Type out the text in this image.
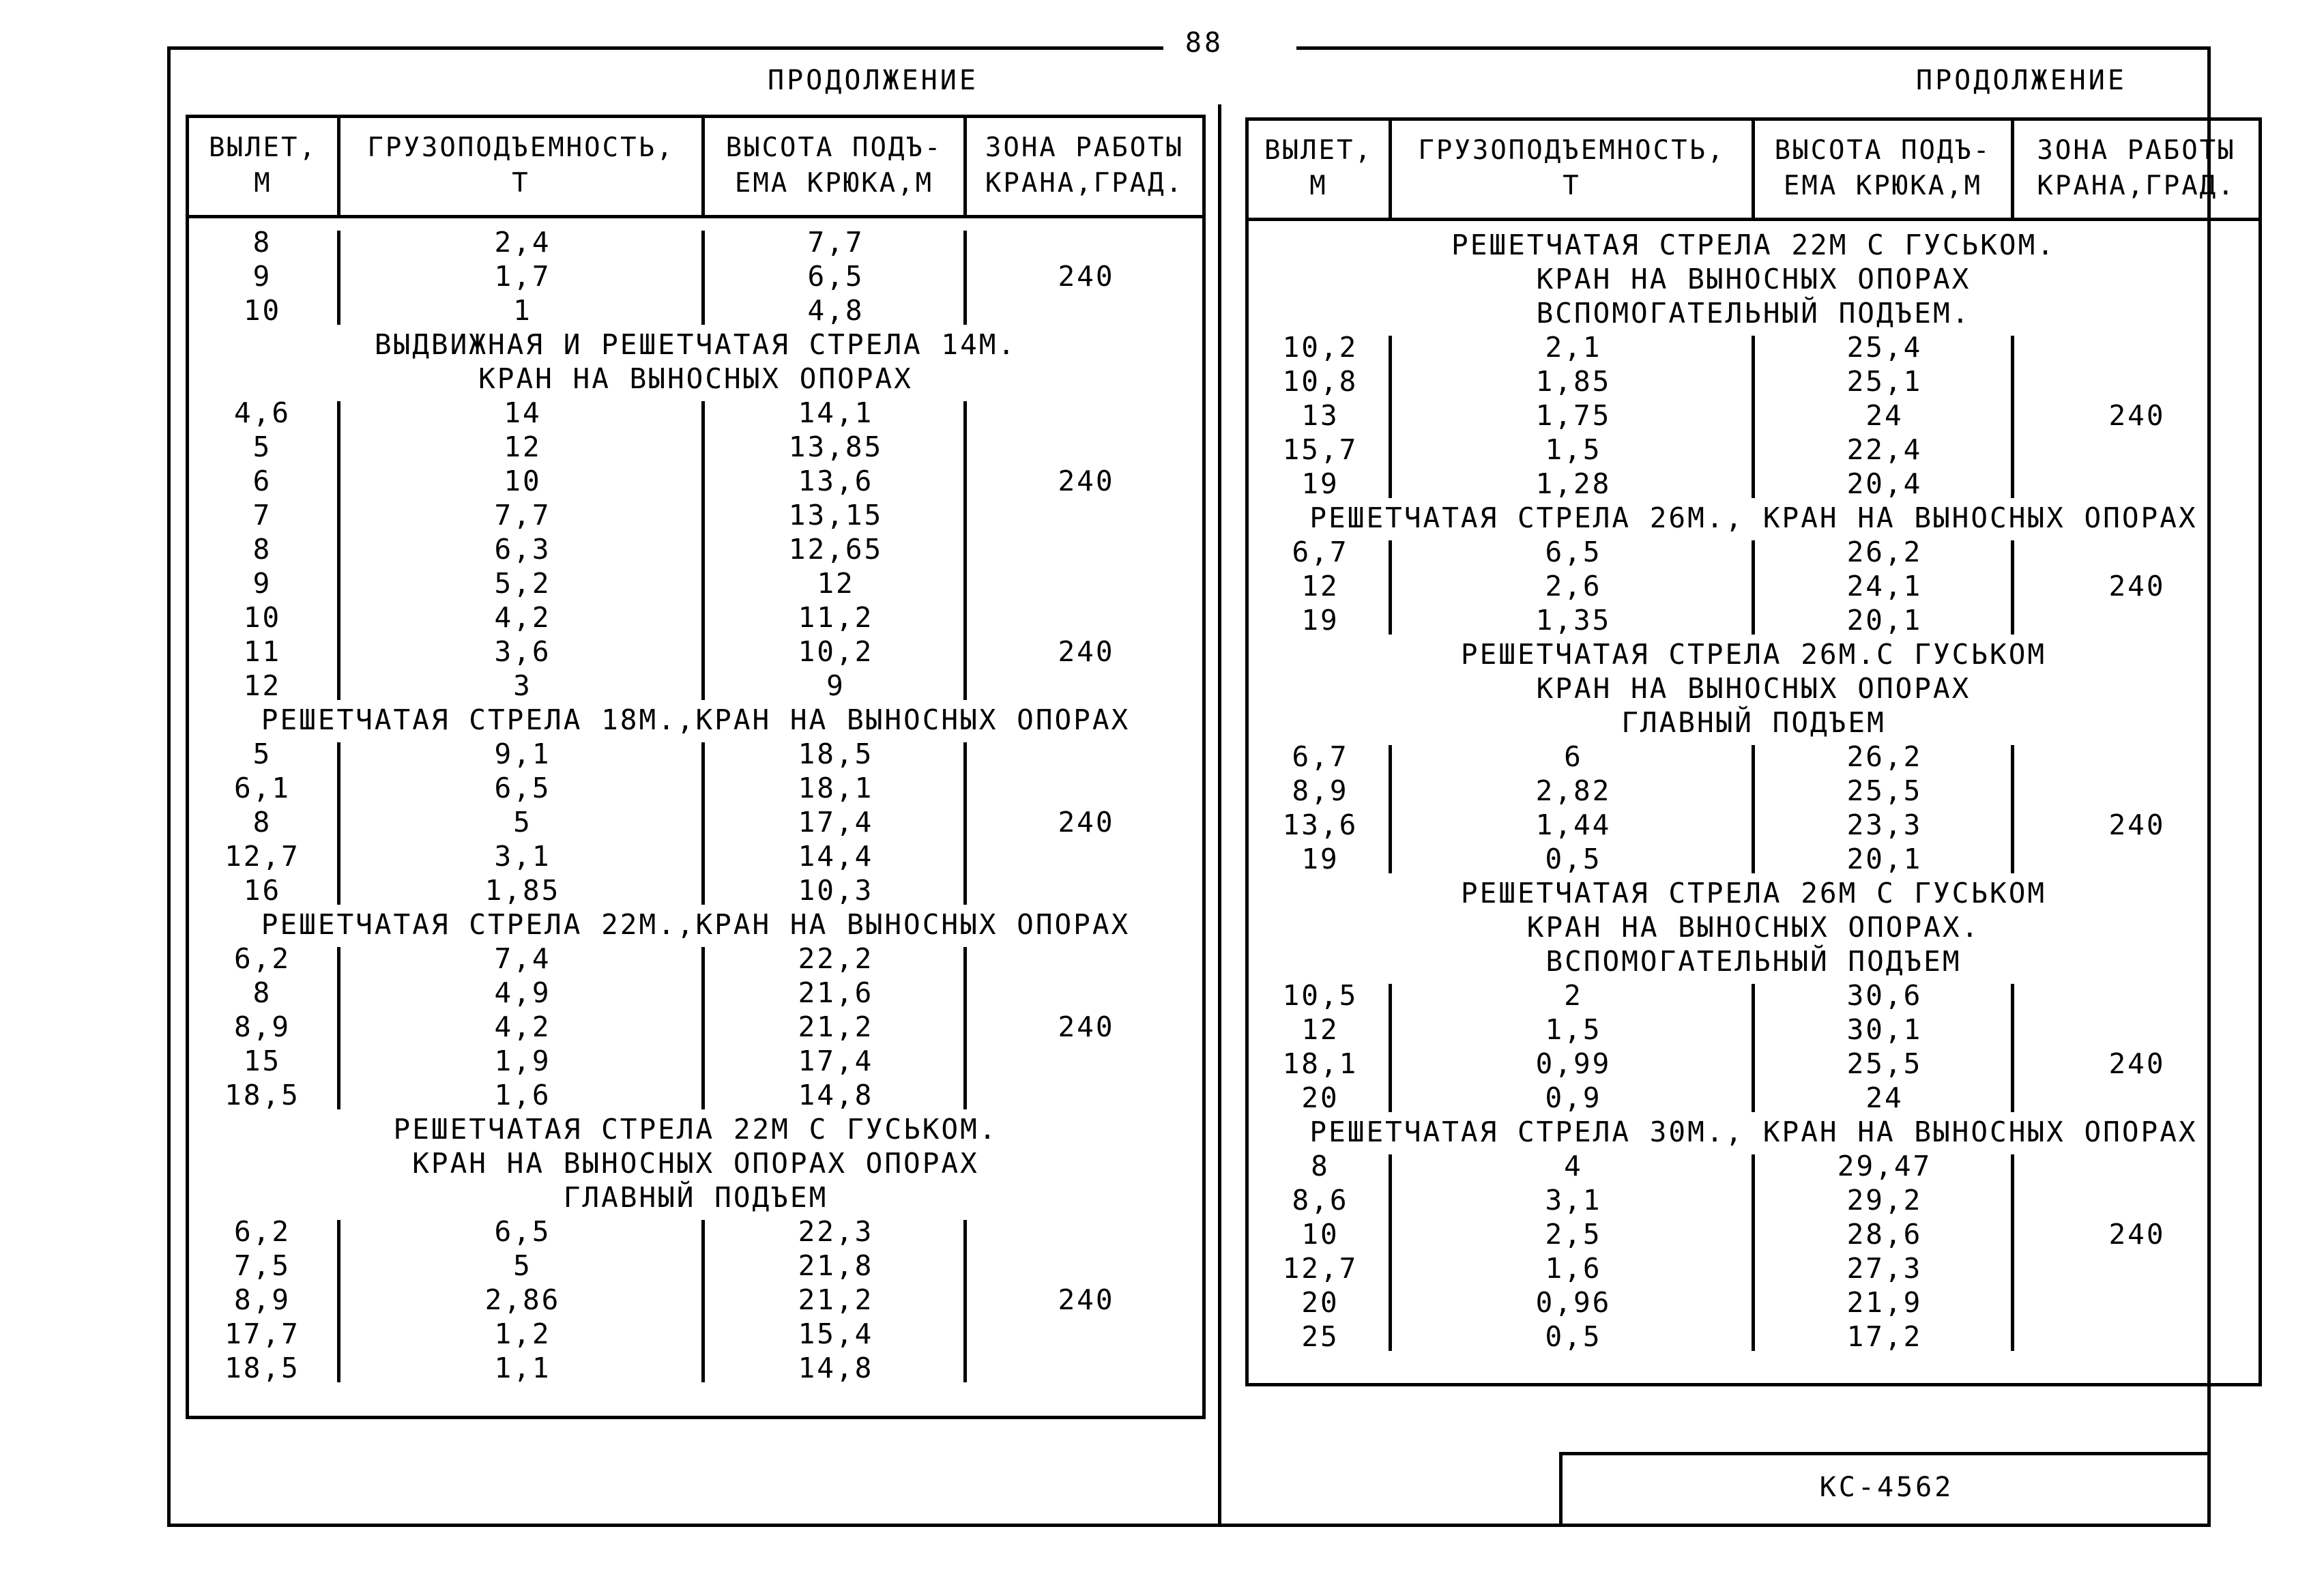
88
ПРОДОЛЖЕНИЕ	ПРОДОЛЖЕНИЕ
ВЫЛЕТ,
М
ГРУЗОПОДЪЕМНОСТЬ,
Т
ВЫСОТА ПОДЪ-
ЕМА КРЮКА,М
ЗОНА РАБОТЫ
КРАНА,ГРАД.
8	2,4	7,7
9	1,7	6,5	240
10	1	4,8
ВЫДВИЖНАЯ И РЕШЕТЧАТАЯ СТРЕЛА 14М.
КРАН НА ВЫНОСНЫХ ОПОРАХ
4,6	14	14,1
5	12	13,85
6	10	13,6	240
7	7,7	13,15
8	6,3	12,65
9	5,2	12
10	4,2	11,2
11	3,6	10,2	240
12	3	9
РЕШЕТЧАТАЯ СТРЕЛА 18М.,КРАН НА ВЫНОСНЫХ ОПОРАХ
5	9,1	18,5
6,1	6,5	18,1
8	5	17,4	240
12,7	3,1	14,4
16	1,85	10,3
РЕШЕТЧАТАЯ СТРЕЛА 22М.,КРАН НА ВЫНОСНЫХ ОПОРАХ
6,2	7,4	22,2
8	4,9	21,6
8,9	4,2	21,2	240
15	1,9	17,4
18,5	1,6	14,8
РЕШЕТЧАТАЯ СТРЕЛА 22М С ГУСЬКОМ.
КРАН НА ВЫНОСНЫХ ОПОРАХ ОПОРАХ
ГЛАВНЫЙ ПОДЪЕМ
6,2	6,5	22,3
7,5	5	21,8
8,9	2,86	21,2	240
17,7	1,2	15,4
18,5	1,1	14,8
ВЫЛЕТ,
М
ГРУЗОПОДЪЕМНОСТЬ,
Т
ВЫСОТА ПОДЪ-
ЕМА КРЮКА,М
ЗОНА РАБОТЫ
КРАНА,ГРАД.
РЕШЕТЧАТАЯ СТРЕЛА 22М С ГУСЬКОМ.
КРАН НА ВЫНОСНЫХ ОПОРАХ
ВСПОМОГАТЕЛЬНЫЙ ПОДЪЕМ.
10,2	2,1	25,4
10,8	1,85	25,1
13	1,75	24	240
15,7	1,5	22,4
19	1,28	20,4
РЕШЕТЧАТАЯ СТРЕЛА 26М., КРАН НА ВЫНОСНЫХ ОПОРАХ
6,7	6,5	26,2
12	2,6	24,1	240
19	1,35	20,1
РЕШЕТЧАТАЯ СТРЕЛА 26М.С ГУСЬКОМ
КРАН НА ВЫНОСНЫХ ОПОРАХ
ГЛАВНЫЙ ПОДЪЕМ
6,7	6	26,2
8,9	2,82	25,5
13,6	1,44	23,3	240
19	0,5	20,1
РЕШЕТЧАТАЯ СТРЕЛА 26М С ГУСЬКОМ
КРАН НА ВЫНОСНЫХ ОПОРАХ.
ВСПОМОГАТЕЛЬНЫЙ ПОДЪЕМ
10,5	2	30,6
12	1,5	30,1
18,1	0,99	25,5	240
20	0,9	24
РЕШЕТЧАТАЯ СТРЕЛА 30М., КРАН НА ВЫНОСНЫХ ОПОРАХ
8	4	29,47
8,6	3,1	29,2
10	2,5	28,6	240
12,7	1,6	27,3
20	0,96	21,9
25	0,5	17,2
КС-4562
